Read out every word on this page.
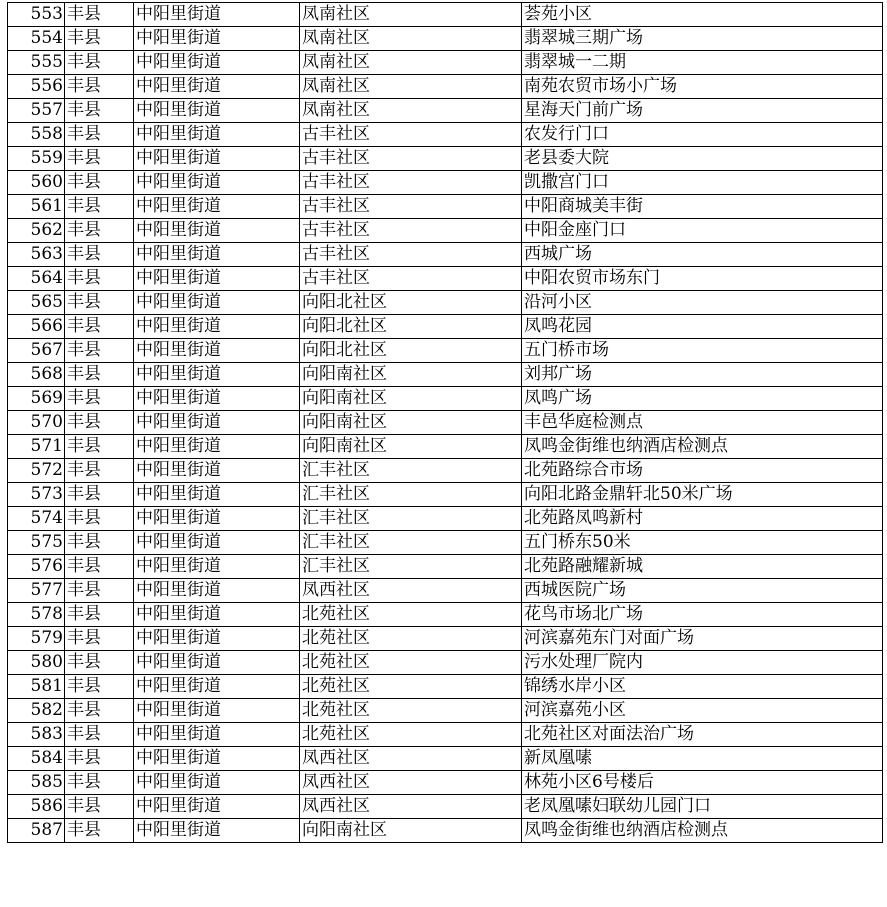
553	丰县	中阳里街道	凤南社区	荟苑小区
554	丰县	中阳里街道	凤南社区	翡翠城三期广场
555	丰县	中阳里街道	凤南社区	翡翠城一二期
556	丰县	中阳里街道	凤南社区	南苑农贸市场小广场
557	丰县	中阳里街道	凤南社区	星海天门前广场
558	丰县	中阳里街道	古丰社区	农发行门口
559	丰县	中阳里街道	古丰社区	老县委大院
560	丰县	中阳里街道	古丰社区	凯撒宫门口
561	丰县	中阳里街道	古丰社区	中阳商城美丰街
562	丰县	中阳里街道	古丰社区	中阳金座门口
563	丰县	中阳里街道	古丰社区	西城广场
564	丰县	中阳里街道	古丰社区	中阳农贸市场东门
565	丰县	中阳里街道	向阳北社区	沿河小区
566	丰县	中阳里街道	向阳北社区	凤鸣花园
567	丰县	中阳里街道	向阳北社区	五门桥市场
568	丰县	中阳里街道	向阳南社区	刘邦广场
569	丰县	中阳里街道	向阳南社区	凤鸣广场
570	丰县	中阳里街道	向阳南社区	丰邑华庭检测点
571	丰县	中阳里街道	向阳南社区	凤鸣金街维也纳酒店检测点
572	丰县	中阳里街道	汇丰社区	北苑路综合市场
573	丰县	中阳里街道	汇丰社区	向阳北路金鼎轩北50米广场
574	丰县	中阳里街道	汇丰社区	北苑路凤鸣新村
575	丰县	中阳里街道	汇丰社区	五门桥东50米
576	丰县	中阳里街道	汇丰社区	北苑路融耀新城
577	丰县	中阳里街道	凤西社区	西城医院广场
578	丰县	中阳里街道	北苑社区	花鸟市场北广场
579	丰县	中阳里街道	北苑社区	河滨嘉苑东门对面广场
580	丰县	中阳里街道	北苑社区	污水处理厂院内
581	丰县	中阳里街道	北苑社区	锦绣水岸小区
582	丰县	中阳里街道	北苑社区	河滨嘉苑小区
583	丰县	中阳里街道	北苑社区	北苑社区对面法治广场
584	丰县	中阳里街道	凤西社区	新凤凰嗉
585	丰县	中阳里街道	凤西社区	林苑小区6号楼后
586	丰县	中阳里街道	凤西社区	老凤凰嗉妇联幼儿园门口
587	丰县	中阳里街道	向阳南社区	凤鸣金街维也纳酒店检测点
